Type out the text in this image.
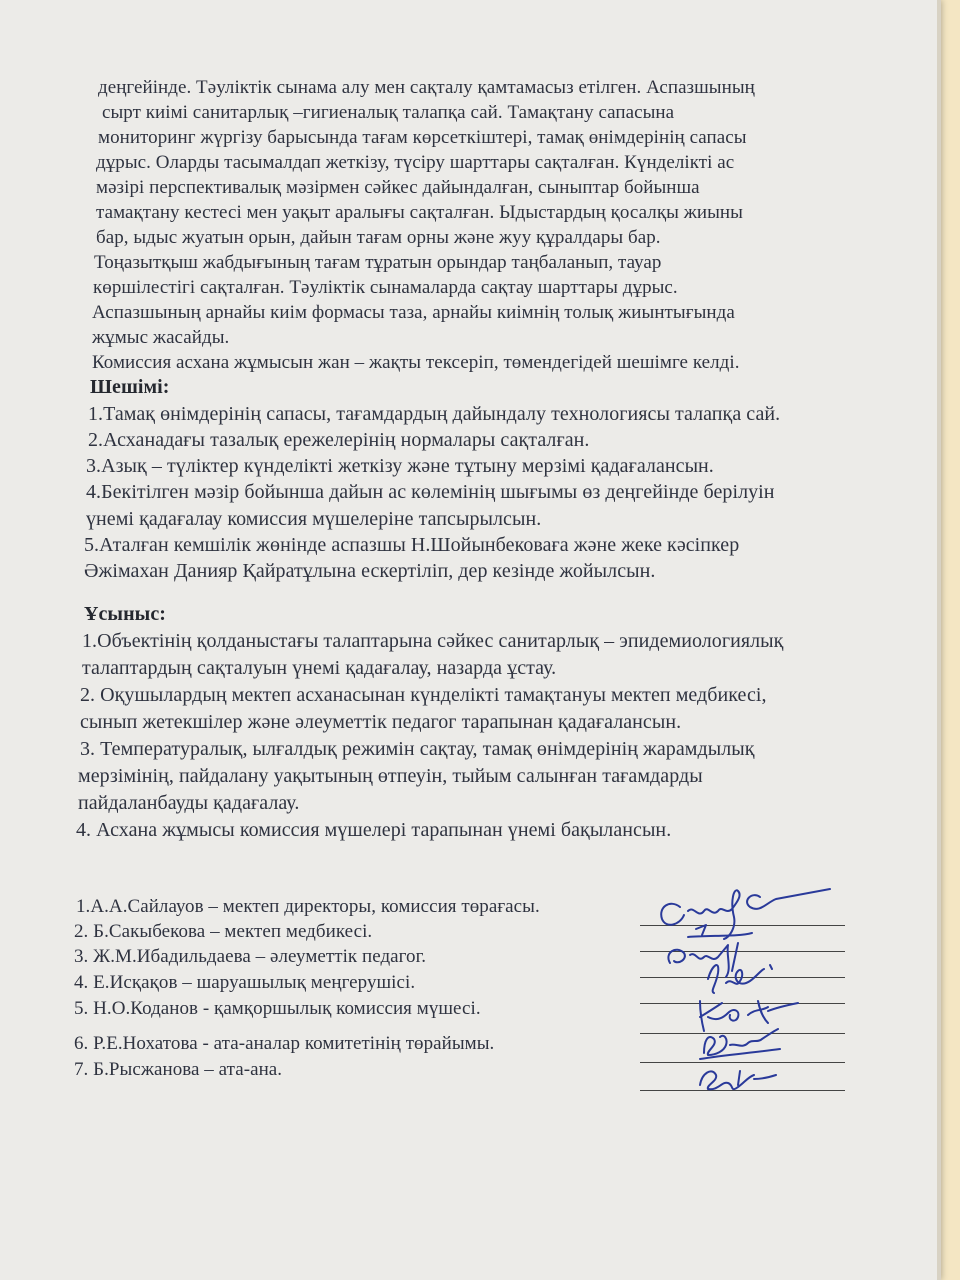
деңгейінде. Тәуліктік сынама алу мен сақталу қамтамасыз етілген. Аспазшының
сырт киімі санитарлық –гигиеналық талапқа сай. Тамақтану сапасына
мониторинг жүргізу барысында тағам көрсеткіштері, тамақ өнімдерінің сапасы
дұрыс. Оларды тасымалдап жеткізу, түсіру шарттары сақталған. Күнделікті ас
мәзірі перспективалық мәзірмен сәйкес дайындалған, сыныптар бойынша
тамақтану кестесі мен уақыт аралығы сақталған. Ыдыстардың қосалқы жиыны
бар, ыдыс жуатын орын, дайын тағам орны және жуу құралдары бар.
Тоңазытқыш жабдығының тағам тұратын орындар таңбаланып, тауар
көршілестігі сақталған. Тәуліктік сынамаларда сақтау шарттары дұрыс.
Аспазшының арнайы киім формасы таза, арнайы киімнің толық жиынтығында
жұмыс жасайды.
Комиссия асхана жұмысын жан – жақты тексеріп, төмендегідей шешімге келді.
Шешімі:
1.Тамақ өнімдерінің сапасы, тағамдардың дайындалу технологиясы талапқа сай.
2.Асханадағы тазалық ережелерінің нормалары сақталған.
3.Азық – түліктер күнделікті жеткізу және тұтыну мерзімі қадағалансын.
4.Бекітілген мәзір бойынша дайын ас көлемінің шығымы өз деңгейінде берілуін
үнемі қадағалау комиссия мүшелеріне тапсырылсын.
5.Аталған кемшілік жөнінде аспазшы Н.Шойынбековаға және жеке кәсіпкер
Әжімахан Данияр Қайратұлына ескертіліп, дер кезінде жойылсын.
Ұсыныс:
1.Объектінің қолданыстағы талаптарына сәйкес санитарлық – эпидемиологиялық
талаптардың сақталуын үнемі қадағалау, назарда ұстау.
2. Оқушылардың мектеп асханасынан күнделікті тамақтануы мектеп медбикесі,
сынып жетекшілер және әлеуметтік педагог тарапынан қадағалансын.
3. Температуралық, ылғалдық режимін сақтау, тамақ өнімдерінің жарамдылық
мерзімінің, пайдалану уақытының өтпеуін, тыйым салынған тағамдарды
пайдаланбауды қадағалау.
4. Асхана жұмысы комиссия мүшелері тарапынан үнемі бақылансын.
1.А.А.Сайлауов – мектеп директоры, комиссия төрағасы.
2. Б.Сакыбекова – мектеп медбикесі.
3. Ж.М.Ибадильдаева – әлеуметтік педагог.
4. Е.Исқақов – шаруашылық меңгерушісі.
5. Н.О.Коданов - қамқоршылық комиссия мүшесі.
6. Р.Е.Нохатова - ата-аналар комитетінің төрайымы.
7. Б.Рысжанова – ата-ана.
